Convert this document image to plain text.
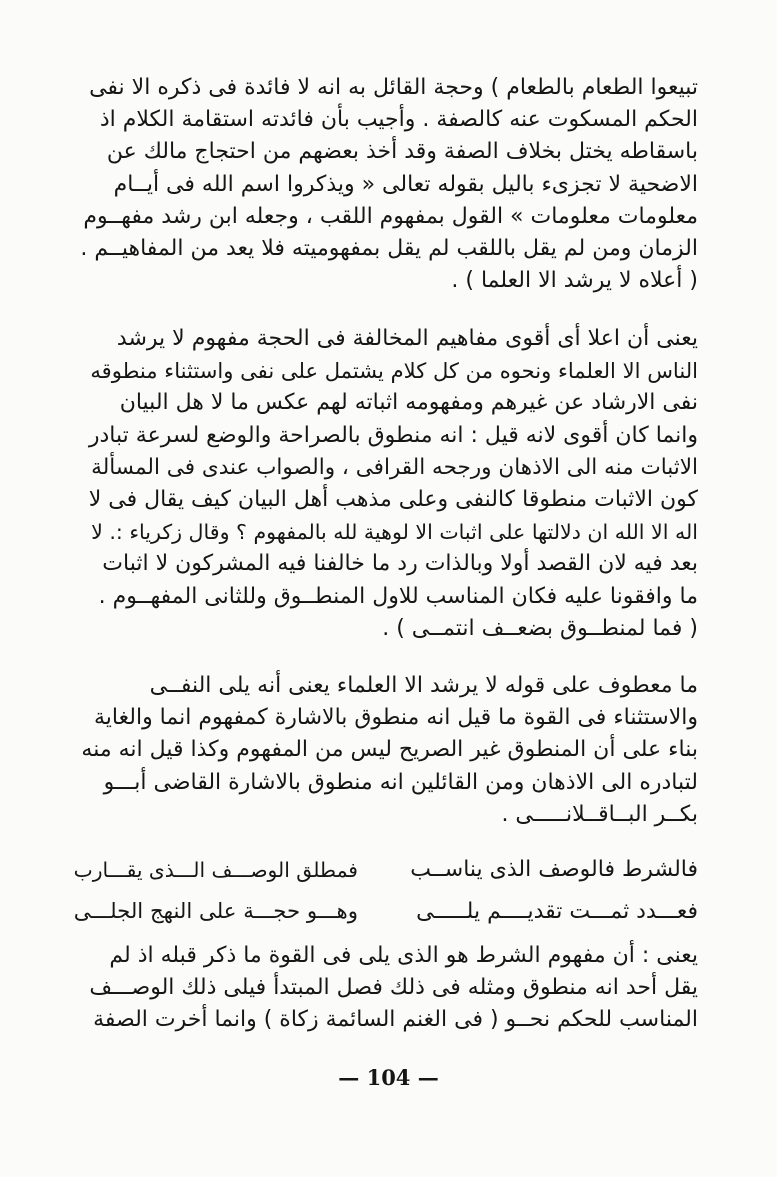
تبيعوا الطعام بالطعام ) وحجة القائل به انه لا فائدة فى ذكره الا نفى
الحكم المسكوت عنه كالصفة . وأجيب بأن فائدته استقامة الكلام اذ
باسقاطه يختل بخلاف الصفة وقد أخذ بعضهم من احتجاج مالك عن
الاضحية لا تجزىء باليل بقوله تعالى « ويذكروا اسم الله فى أيــام
معلومات معلومات » القول بمفهوم اللقب ، وجعله ابن رشد مفهــوم
الزمان ومن لم يقل باللقب لم يقل بمفهوميته فلا يعد من المفاهيــم .
( أعلاه لا يرشد الا العلما ) .
يعنى أن اعلا أى أقوى مفاهيم المخالفة فى الحجة مفهوم لا يرشد
الناس الا العلماء ونحوه من كل كلام يشتمل على نفى واستثناء منطوقه
نفى الارشاد عن غيرهم ومفهومه اثباته لهم عكس ما لا هل البيان
وانما كان أقوى لانه قيل : انه منطوق بالصراحة والوضع لسرعة تبادر
الاثبات منه الى الاذهان ورجحه القرافى ، والصواب عندى فى المسألة
كون الاثبات منطوقا كالنفى وعلى مذهب أهل البيان كيف يقال فى لا
اله الا الله ان دلالتها على اثبات الا لوهية لله بالمفهوم ؟ وقال زكرياء :. لا
بعد فيه لان القصد أولا وبالذات رد ما خالفنا فيه المشركون لا اثبات
ما وافقونا عليه فكان المناسب للاول المنطــوق وللثانى المفهــوم .
( فما لمنطــوق بضعــف انتمــى ) .
ما معطوف على قوله لا يرشد الا العلماء يعنى أنه يلى النفــى
والاستثناء فى القوة ما قيل انه منطوق بالاشارة كمفهوم انما والغاية
بناء على أن المنطوق غير الصريح ليس من المفهوم وكذا قيل انه منه
لتبادره الى الاذهان ومن القائلين انه منطوق بالاشارة القاضى أبـــو
بكــر البــاقــلانـــــى .
فالشرط فالوصف الذى يناســب
فمطلق الوصـــف الـــذى يقـــارب
فعـــدد ثمـــت تقديــــم يلـــــى
وهـــو حجـــة على النهج الجلـــى
يعنى : أن مفهوم الشرط هو الذى يلى فى القوة ما ذكر قبله اذ لم
يقل أحد انه منطوق ومثله فى ذلك فصل المبتدأ فيلى ذلك الوصـــف
المناسب للحكم نحــو ( فى الغنم السائمة زكاة ) وانما أخرت الصفة
— 104 —
